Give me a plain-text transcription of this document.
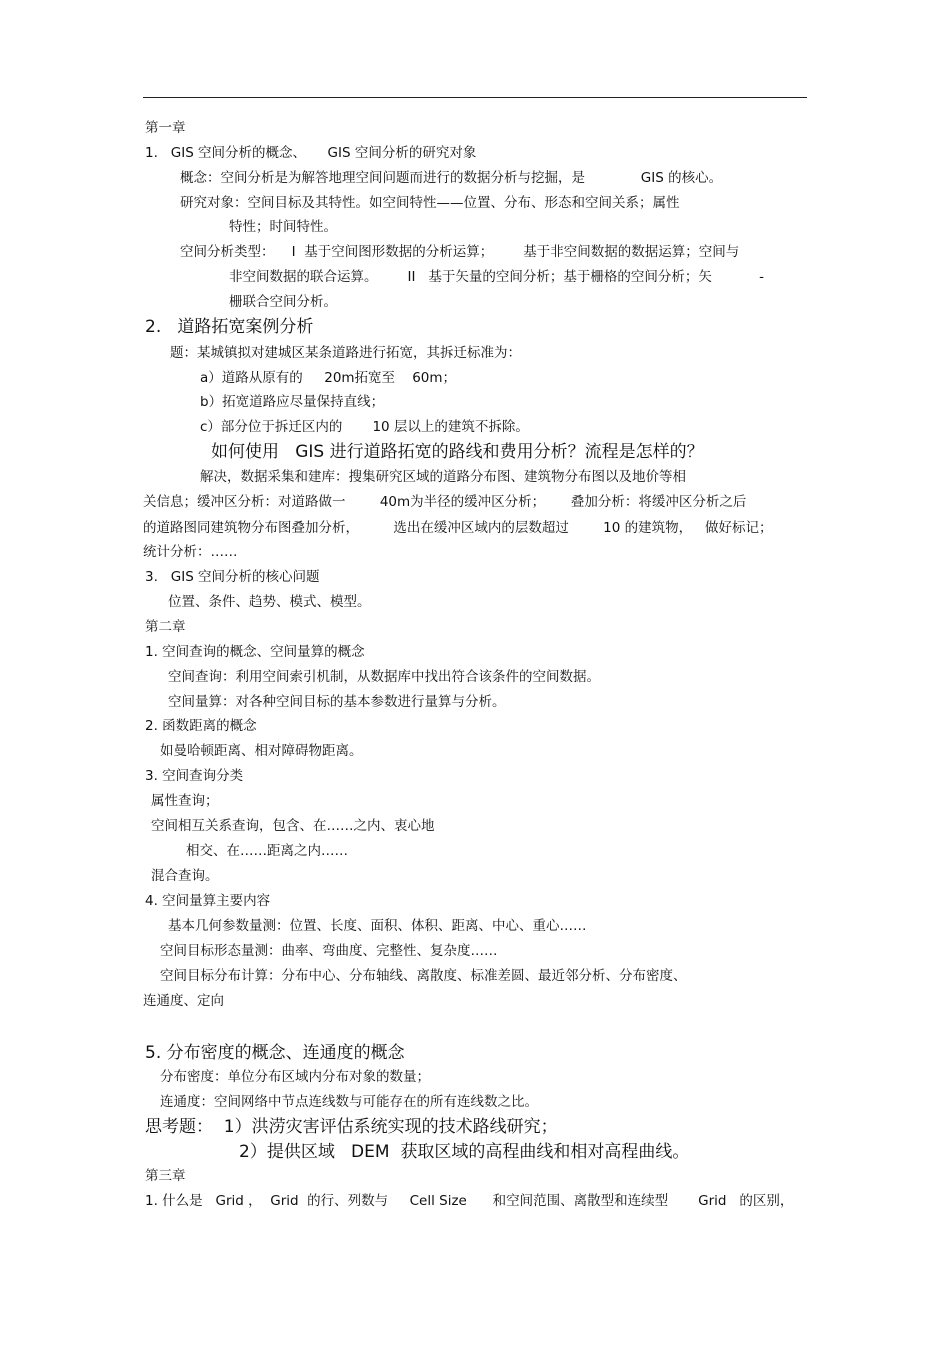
第一章
1.   GIS 空间分析的概念、     GIS 空间分析的研究对象
概念：空间分析是为解答地理空间问题而进行的数据分析与挖掘，是             GIS 的核心。
研究对象：空间目标及其特性。如空间特性——位置、分布、形态和空间关系；属性
特性；时间特性。
空间分析类型：    I  基于空间图形数据的分析运算；       基于非空间数据的数据运算；空间与
非空间数据的联合运算。       II   基于矢量的空间分析；基于栅格的空间分析；矢           -
栅联合空间分析。
2.   道路拓宽案例分析
题：某城镇拟对建城区某条道路进行拓宽，其拆迁标准为：
a）道路从原有的     20m拓宽至    60m；
b）拓宽道路应尽量保持直线；
c）部分位于拆迁区内的       10 层以上的建筑不拆除。
如何使用   GIS 进行道路拓宽的路线和费用分析？流程是怎样的？
解决，数据采集和建库：搜集研究区域的道路分布图、建筑物分布图以及地价等相
关信息；缓冲区分析：对道路做一        40m为半径的缓冲区分析；      叠加分析：将缓冲区分析之后
的道路图同建筑物分布图叠加分析，        选出在缓冲区域内的层数超过        10 的建筑物，   做好标记；
统计分析：……
3.   GIS 空间分析的核心问题
位置、条件、趋势、模式、模型。
第二章
1. 空间查询的概念、空间量算的概念
空间查询：利用空间索引机制，从数据库中找出符合该条件的空间数据。
空间量算：对各种空间目标的基本参数进行量算与分析。
2. 函数距离的概念
如曼哈顿距离、相对障碍物距离。
3. 空间查询分类
属性查询；
空间相互关系查询，包含、在……之内、衷心地
相交、在……距离之内……
混合查询。
4. 空间量算主要内容
基本几何参数量测：位置、长度、面积、体积、距离、中心、重心……
空间目标形态量测：曲率、弯曲度、完整性、复杂度……
空间目标分布计算：分布中心、分布轴线、离散度、标准差圆、最近邻分析、分布密度、
连通度、定向
5. 分布密度的概念、连通度的概念
分布密度：单位分布区域内分布对象的数量；
连通度：空间网络中节点连线数与可能存在的所有连线数之比。
思考题：  1）洪涝灾害评估系统实现的技术路线研究；
2）提供区域   DEM  获取区域的高程曲线和相对高程曲线。
第三章
1. 什么是   Grid ，  Grid  的行、列数与     Cell Size      和空间范围、离散型和连续型       Grid   的区别，
